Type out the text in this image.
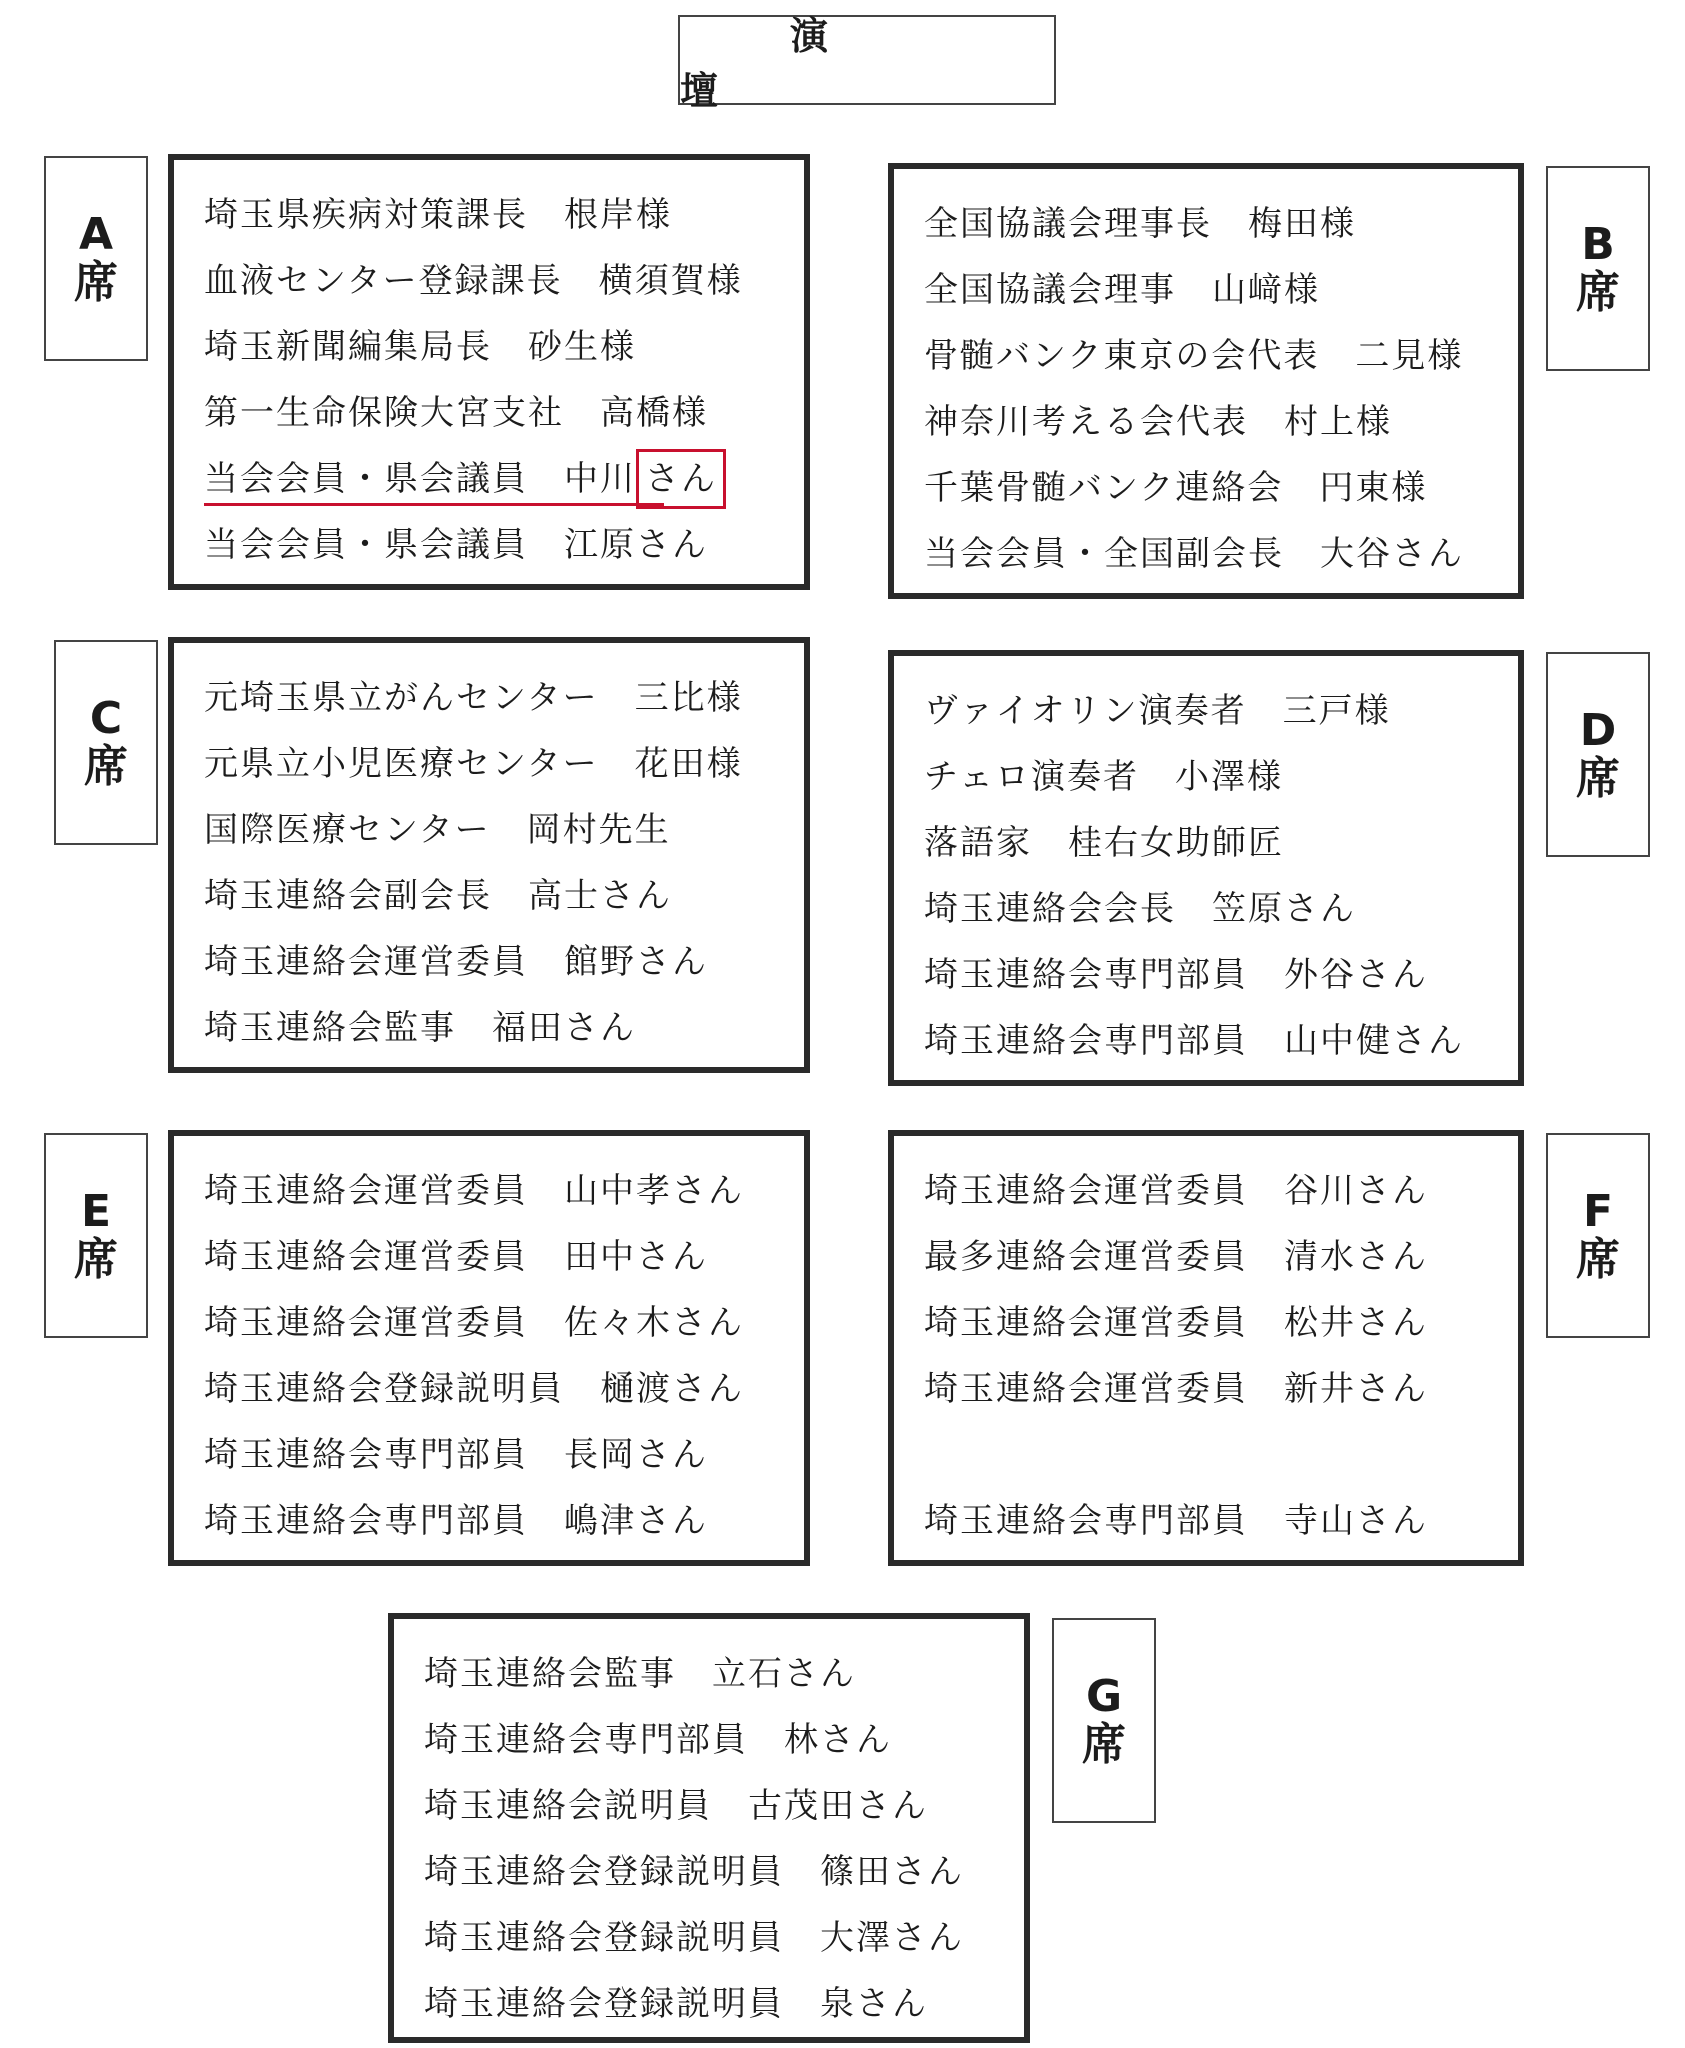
演壇
A
席
埼玉県疾病対策課長 根岸様
血液センター登録課長 横須賀様
埼玉新聞編集局長 砂生様
第一生命保険大宮支社 高橋様
当会会員・県会議員 中川 さん
当会会員・県会議員 江原さん
全国協議会理事長 梅田様
全国協議会理事 山﨑様
骨髄バンク東京の会代表 二見様
神奈川考える会代表 村上様
千葉骨髄バンク連絡会 円東様
当会会員・全国副会長 大谷さん
B
席
C
席
元埼玉県立がんセンター 三比様
元県立小児医療センター 花田様
国際医療センター 岡村先生
埼玉連絡会副会長 高士さん
埼玉連絡会運営委員 館野さん
埼玉連絡会監事 福田さん
ヴァイオリン演奏者 三戸様
チェロ演奏者 小澤様
落語家 桂右女助師匠
埼玉連絡会会長 笠原さん
埼玉連絡会専門部員 外谷さん
埼玉連絡会専門部員 山中健さん
D
席
E
席
埼玉連絡会運営委員 山中孝さん
埼玉連絡会運営委員 田中さん
埼玉連絡会運営委員 佐々木さん
埼玉連絡会登録説明員 樋渡さん
埼玉連絡会専門部員 長岡さん
埼玉連絡会専門部員 嶋津さん
埼玉連絡会運営委員 谷川さん
最多連絡会運営委員 清水さん
埼玉連絡会運営委員 松井さん
埼玉連絡会運営委員 新井さん
埼玉連絡会専門部員 寺山さん
F
席
埼玉連絡会監事 立石さん
埼玉連絡会専門部員 林さん
埼玉連絡会説明員 古茂田さん
埼玉連絡会登録説明員 篠田さん
埼玉連絡会登録説明員 大澤さん
埼玉連絡会登録説明員 泉さん
G
席
